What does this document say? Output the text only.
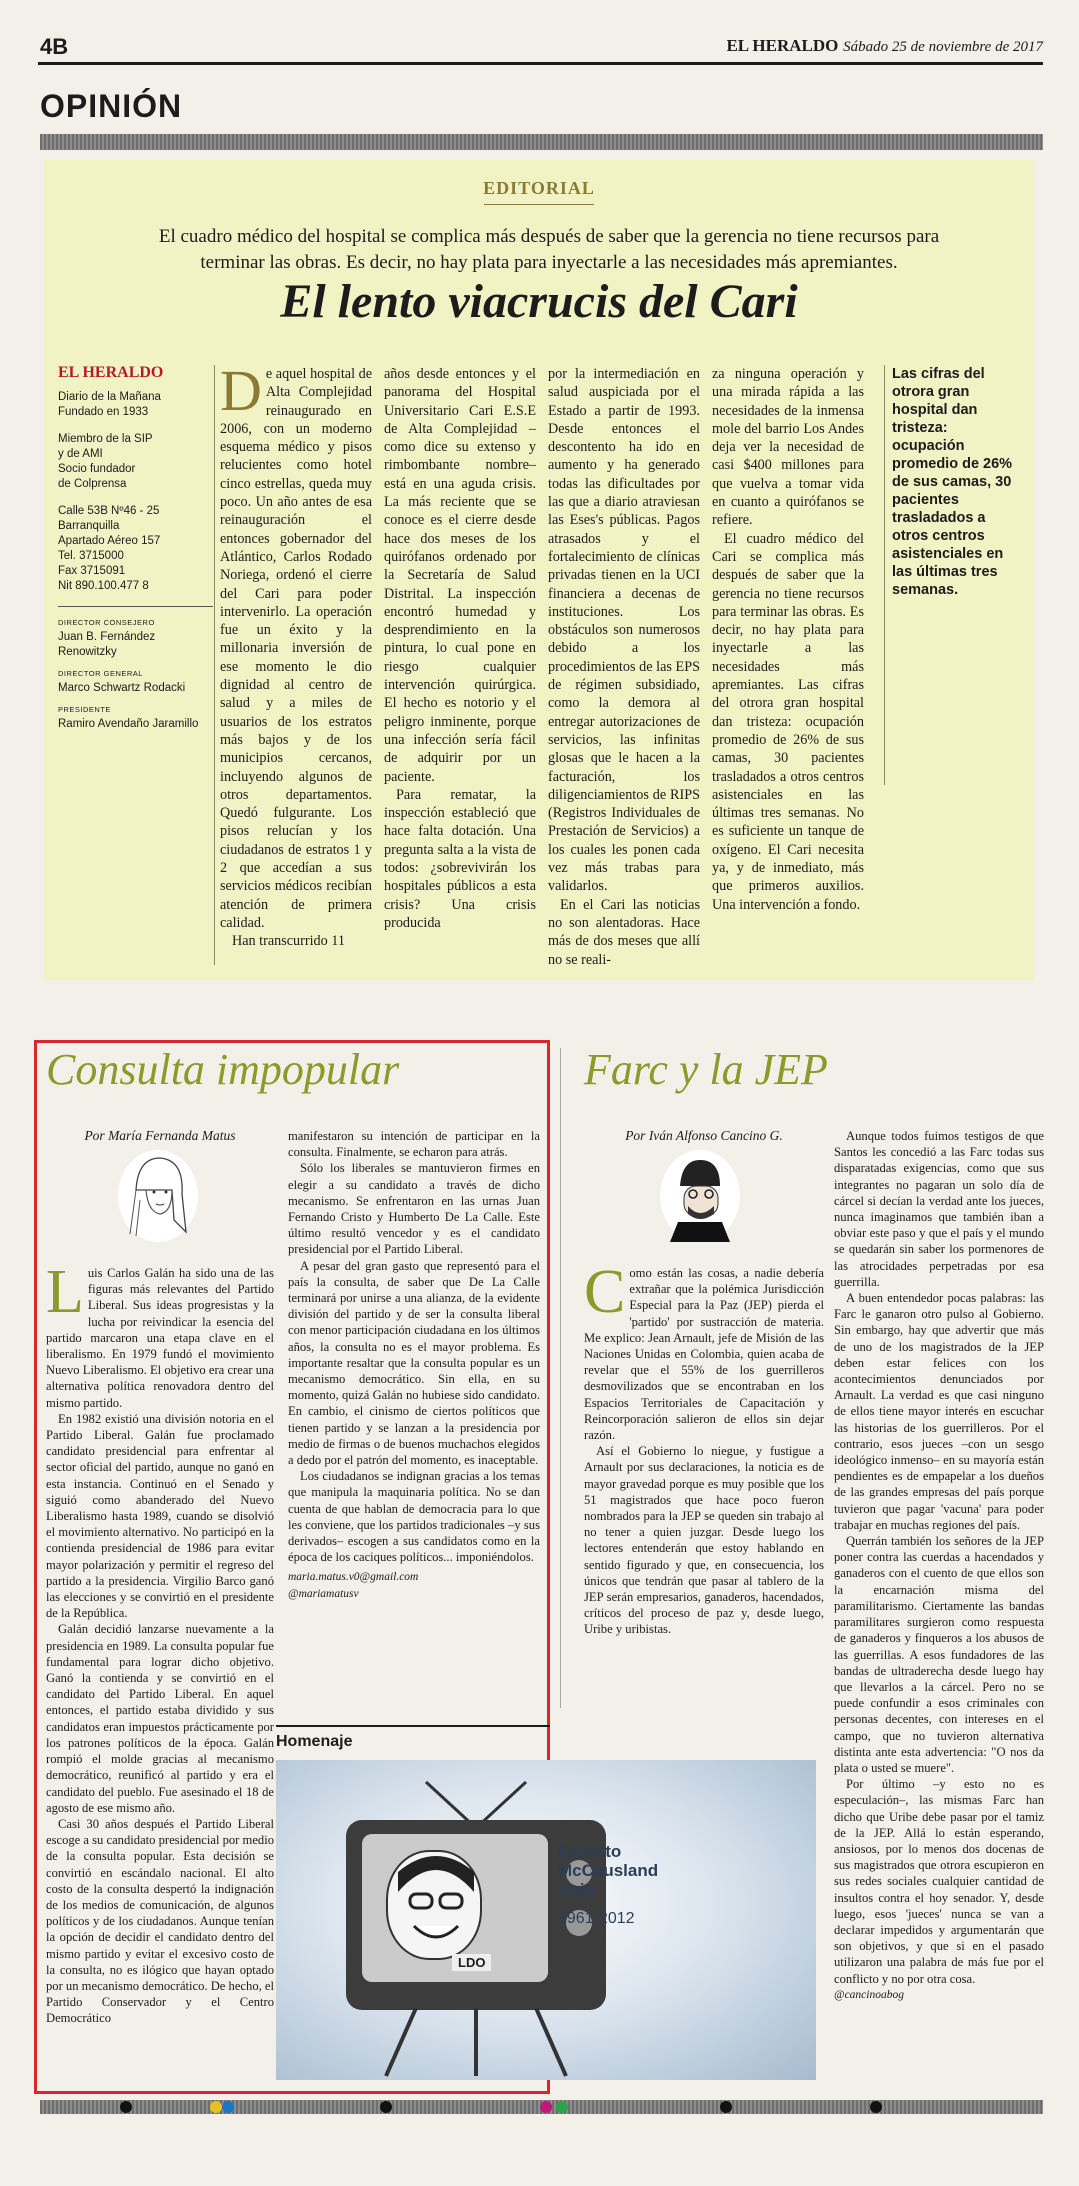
4B	EL HERALDO Sábado 25 de noviembre de 2017
OPINIÓN
EDITORIAL
El cuadro médico del hospital se complica más después de saber que la gerencia no tiene recursos para terminar las obras. Es decir, no hay plata para inyectarle a las necesidades más apremiantes.
El lento viacrucis del Cari
EL HERALDO
Diario de la Mañana
Fundado en 1933
Miembro de la SIP
y de AMI
Socio fundador
de Colprensa
Calle 53B Nº46 - 25
Barranquilla
Apartado Aéreo 157
Tel. 3715000
Fax 3715091
Nit 890.100.477 8
DIRECTOR CONSEJERO
Juan B. Fernández Renowitzky
DIRECTOR GENERAL
Marco Schwartz Rodacki
PRESIDENTE
Ramiro Avendaño Jaramillo
De aquel hospital de Alta Complejidad reinaugurado en 2006, con un moderno esquema médico y pisos relucientes como hotel cinco estrellas, queda muy poco. Un año antes de esa reinauguración el entonces gobernador del Atlántico, Carlos Rodado Noriega, ordenó el cierre del Cari para poder intervenirlo. La operación fue un éxito y la millonaria inversión de ese momento le dio dignidad al centro de salud y a miles de usuarios de los estratos más bajos y de los municipios cercanos, incluyendo algunos de otros departamentos. Quedó fulgurante. Los pisos relucían y los ciudadanos de estratos 1 y 2 que accedían a sus servicios médicos recibían atención de primera calidad.
Han transcurrido 11
años desde entonces y el panorama del Hospital Universitario Cari E.S.E de Alta Complejidad –como dice su extenso y rimbombante nombre– está en una aguda crisis. La más reciente que se conoce es el cierre desde hace dos meses de los quirófanos ordenado por la Secretaría de Salud Distrital. La inspección encontró humedad y desprendimiento en la pintura, lo cual pone en riesgo cualquier intervención quirúrgica. El hecho es notorio y el peligro inminente, porque una infección sería fácil de adquirir por un paciente.
Para rematar, la inspección estableció que hace falta dotación. Una pregunta salta a la vista de todos: ¿sobrevivirán los hospitales públicos a esta crisis? Una crisis producida
por la intermediación en salud auspiciada por el Estado a partir de 1993. Desde entonces el descontento ha ido en aumento y ha generado todas las dificultades por las que a diario atraviesan las Eses's públicas. Pagos atrasados y el fortalecimiento de clínicas privadas tienen en la UCI financiera a decenas de instituciones. Los obstáculos son numerosos debido a los procedimientos de las EPS de régimen subsidiado, como la demora al entregar autorizaciones de servicios, las infinitas glosas que le hacen a la facturación, los diligenciamientos de RIPS (Registros Individuales de Prestación de Servicios) a los cuales les ponen cada vez más trabas para validarlos.
En el Cari las noticias no son alentadoras. Hace más de dos meses que allí no se reali-
za ninguna operación y una mirada rápida a las necesidades de la inmensa mole del barrio Los Andes deja ver la necesidad de casi $400 millones para que vuelva a tomar vida en cuanto a quirófanos se refiere.
El cuadro médico del Cari se complica más después de saber que la gerencia no tiene recursos para terminar las obras. Es decir, no hay plata para inyectarle a las necesidades más apremiantes. Las cifras del otrora gran hospital dan tristeza: ocupación promedio de 26% de sus camas, 30 pacientes trasladados a otros centros asistenciales en las últimas tres semanas. No es suficiente un tanque de oxígeno. El Cari necesita ya, y de inmediato, más que primeros auxilios. Una intervención a fondo.
Las cifras del otrora gran hospital dan tristeza: ocupación promedio de 26% de sus camas, 30 pacientes trasladados a otros centros asistenciales en las últimas tres semanas.
Consulta impopular
Por María Fernanda Matus
L uis Carlos Galán ha sido una de las figuras más relevantes del Partido Liberal. Sus ideas progresistas y la lucha por reivindicar la esencia del partido marcaron una etapa clave en el liberalismo. En 1979 fundó el movimiento Nuevo Liberalismo. El objetivo era crear una alternativa política renovadora dentro del mismo partido.

En 1982 existió una división notoria en el Partido Liberal. Galán fue proclamado candidato presidencial para enfrentar al sector oficial del partido, aunque no ganó en esta instancia. Continuó en el Senado y siguió como abanderado del Nuevo Liberalismo hasta 1989, cuando se disolvió el movimiento alternativo. No participó en la contienda presidencial de 1986 para evitar mayor polarización y permitir el regreso del partido a la presidencia. Virgilio Barco ganó las elecciones y se convirtió en el presidente de la República.

Galán decidió lanzarse nuevamente a la presidencia en 1989. La consulta popular fue fundamental para lograr dicho objetivo. Ganó la contienda y se convirtió en el candidato del Partido Liberal. En aquel entonces, el partido estaba dividido y sus candidatos eran impuestos prácticamente por los patrones políticos de la época. Galán rompió el molde gracias al mecanismo democrático, reunificó al partido y era el candidato del pueblo. Fue asesinado el 18 de agosto de ese mismo año.

Casi 30 años después el Partido Liberal escoge a su candidato presidencial por medio de la consulta popular. Esta decisión se convirtió en escándalo nacional. El alto costo de la consulta despertó la indignación de los medios de comunicación, de algunos políticos y de los ciudadanos. Aunque tenían la opción de decidir el candidato dentro del mismo partido y evitar el excesivo costo de la consulta, no es ilógico que hayan optado por un mecanismo democrático. De hecho, el Partido Conservador y el Centro Democrático

manifestaron su intención de participar en la consulta. Finalmente, se echaron para atrás.

Sólo los liberales se mantuvieron firmes en elegir a su candidato a través de dicho mecanismo. Se enfrentaron en las urnas Juan Fernando Cristo y Humberto De La Calle. Este último resultó vencedor y es el candidato presidencial por el Partido Liberal.

A pesar del gran gasto que representó para el país la consulta, de saber que De La Calle terminará por unirse a una alianza, de la evidente división del partido y de ser la consulta liberal con menor participación ciudadana en los últimos años, la consulta no es el mayor problema. Es importante resaltar que la consulta popular es un mecanismo democrático. Sin ella, en su momento, quizá Galán no hubiese sido candidato. En cambio, el cinismo de ciertos políticos que tienen partido y se lanzan a la presidencia por medio de firmas o de buenos muchachos elegidos a dedo por el patrón del momento, es inaceptable.

Los ciudadanos se indignan gracias a los temas que manipula la maquinaria política. No se dan cuenta de que hablan de democracia para lo que les conviene, que los partidos tradicionales –y sus derivados– escogen a sus candidatos como en la época de los caciques políticos... imponiéndolos.

maria.matus.v0@gmail.com
@mariamatusv
Farc y la JEP
Por Iván Alfonso Cancino G.
C omo están las cosas, a nadie debería extrañar que la polémica Jurisdicción Especial para la Paz (JEP) pierda el 'partido' por sustracción de materia. Me explico: Jean Arnault, jefe de Misión de las Naciones Unidas en Colombia, quien acaba de revelar que el 55% de los guerrilleros desmovilizados que se encontraban en los Espacios Territoriales de Capacitación y Reincorporación salieron de ellos sin dejar razón.

Así el Gobierno lo niegue, y fustigue a Arnault por sus declaraciones, la noticia es de mayor gravedad porque es muy posible que los 51 magistrados que hace poco fueron nombrados para la JEP se queden sin trabajo al no tener a quien juzgar. Desde luego los lectores entenderán que estoy hablando en sentido figurado y que, en consecuencia, los únicos que tendrán que pasar al tablero de la JEP serán empresarios, ganaderos, hacendados, críticos del proceso de paz y, desde luego, Uribe y uribistas.

Aunque todos fuimos testigos de que Santos les concedió a las Farc todas sus disparatadas exigencias, como que sus integrantes no pagaran un solo día de cárcel si decían la verdad ante los jueces, nunca imaginamos que también iban a obviar este paso y que el país y el mundo se quedarán sin saber los pormenores de las atrocidades perpetradas por esa guerrilla.

A buen entendedor pocas palabras: las Farc le ganaron otro pulso al Gobierno. Sin embargo, hay que advertir que más de uno de los magistrados de la JEP deben estar felices con los acontecimientos denunciados por Arnault. La verdad es que casi ninguno de ellos tiene mayor interés en escuchar las historias de los guerrilleros. Por el contrario, esos jueces –con un sesgo ideológico inmenso– en su mayoría están pendientes es de empapelar a los dueños de las grandes empresas del país porque tuvieron que pagar 'vacuna' para poder trabajar en muchas regiones del país.

Querrán también los señores de la JEP poner contra las cuerdas a hacendados y ganaderos con el cuento de que ellos son la encarnación misma del paramilitarismo. Ciertamente las bandas paramilitares surgieron como respuesta de ganaderos y finqueros a los abusos de las guerrillas. A esos fundadores de las bandas de ultraderecha desde luego hay que llevarlos a la cárcel. Pero no se puede confundir a esos criminales con personas decentes, con intereses en el campo, que no tuvieron alternativa distinta ante esta advertencia: "O nos da plata o usted se muere".

Por último –y esto no es especulación–, las mismas Farc han dicho que Uribe debe pasar por el tamiz de la JEP. Allá lo están esperando, ansiosos, por lo menos dos docenas de sus magistrados que otrora escupieron en sus redes sociales cualquier cantidad de insultos contra el hoy senador. Y, desde luego, esos 'jueces' nunca se van a declarar impedidos y argumentarán que son objetivos, y que si en el pasado utilizaron una palabra de más fue por el conflicto y no por otra cosa.

@cancinoabog
Homenaje
LDO
Ernesto
McCausland
Sojo
1961-2012
